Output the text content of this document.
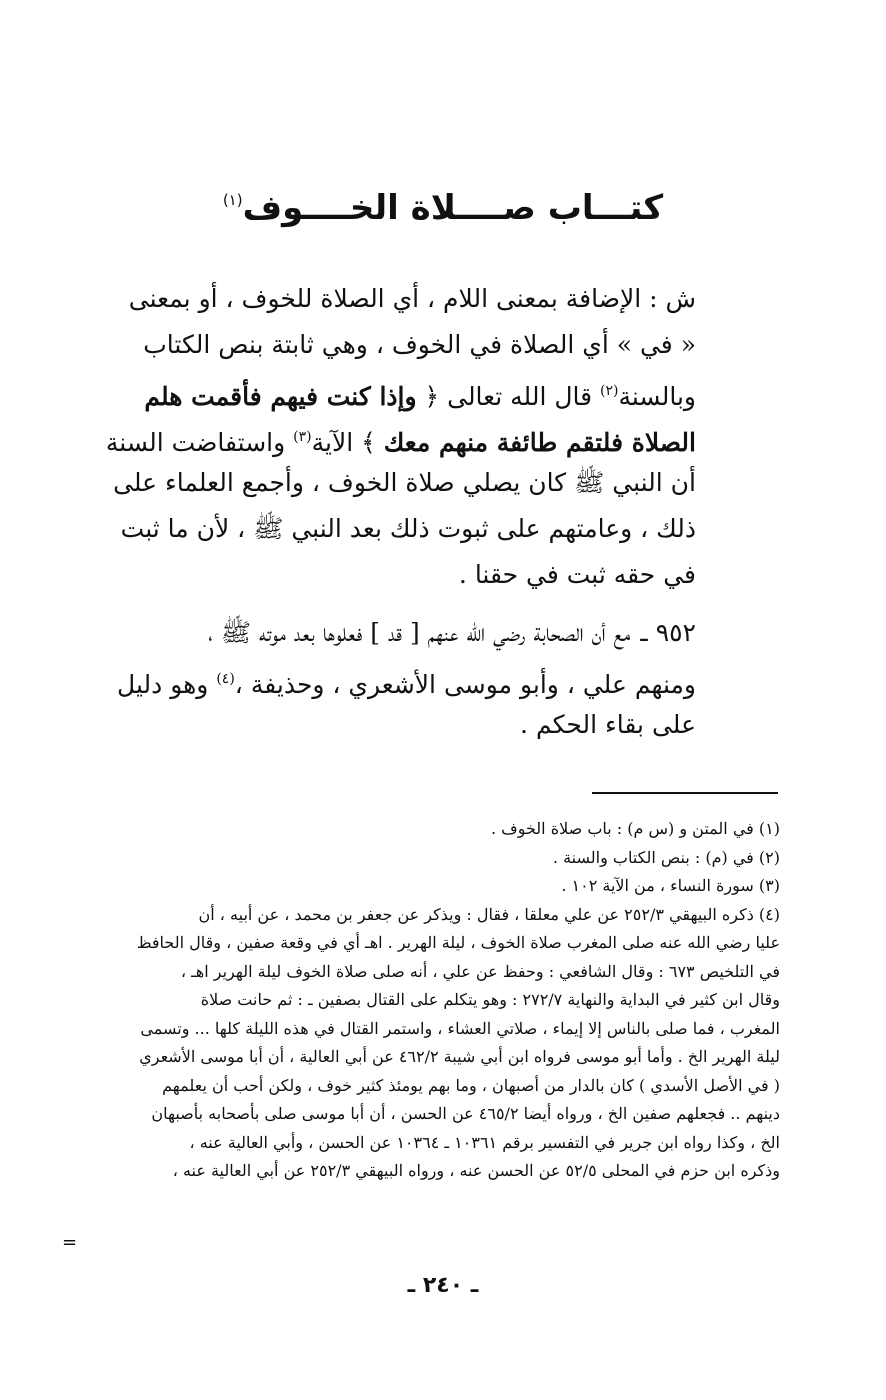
كتـــاب صــــلاة الخــــوف$^{(١)}$
ش : الإضافة بمعنى اللام ، أي الصلاة للخوف ، أو بمعنى
« في » أي الصلاة في الخوف ، وهي ثابتة بنص الكتاب
وبالسنة$^{(٢)}$ قال الله تعالى ﴿ وإذا كنت فيهم فأقمت هلم
الصلاة فلتقم طائفة منهم معك ﴾ الآية$^{(٣)}$ واستفاضت السنة
أن النبي ﷺ كان يصلي صلاة الخوف ، وأجمع العلماء على
ذلك ، وعامتهم على ثبوت ذلك بعد النبي ﷺ ، لأن ما ثبت
في حقه ثبت في حقنا .
٩٥٢ ـمع أن الصحابة رضي الله عنهم [ قد ] فعلوها بعد موته ﷺ ،
ومنهم علي ، وأبو موسى الأشعري ، وحذيفة ،$^{(٤)}$ وهو دليل
على بقاء الحكم .
(١) في المتن و (س م) : باب صلاة الخوف .
(٢) في (م) : بنص الكتاب والسنة .
(٣) سورة النساء ، من الآية ١٠٢ .
(٤) ذكره البيهقي ٢٥٢/٣ عن علي معلقا ، فقال : ويذكر عن جعفر بن محمد ، عن أبيه ، أن
عليا رضي الله عنه صلى المغرب صلاة الخوف ، ليلة الهرير . اهـ أي في وقعة صفين ، وقال الحافظ
في التلخيص ٦٧٣ : وقال الشافعي : وحفظ عن علي ، أنه صلى صلاة الخوف ليلة الهرير اهـ ،
وقال ابن كثير في البداية والنهاية ٢٧٢/٧ : وهو يتكلم على القتال بصفين ـ : ثم حانت صلاة
المغرب ، فما صلى بالناس إلا إيماء ، صلاتي العشاء ، واستمر القتال في هذه الليلة كلها ... وتسمى
ليلة الهرير الخ . وأما أبو موسى فرواه ابن أبي شيبة ٤٦٢/٢ عن أبي العالية ، أن أبا موسى الأشعري
( في الأصل الأسدي ) كان بالدار من أصبهان ، وما بهم يومئذ كثير خوف ، ولكن أحب أن يعلمهم
دينهم .. فجعلهم صفين الخ ، ورواه أيضا ٤٦٥/٢ عن الحسن ، أن أبا موسى صلى بأصحابه بأصبهان
الخ ، وكذا رواه ابن جرير في التفسير برقم ١٠٣٦١ ـ ١٠٣٦٤ عن الحسن ، وأبي العالية عنه ،
وذكره ابن حزم في المحلى ٥٢/٥ عن الحسن عنه ، ورواه البيهقي ٢٥٢/٣ عن أبي العالية عنه ،
=
ـ ٢٤٠ ـ
